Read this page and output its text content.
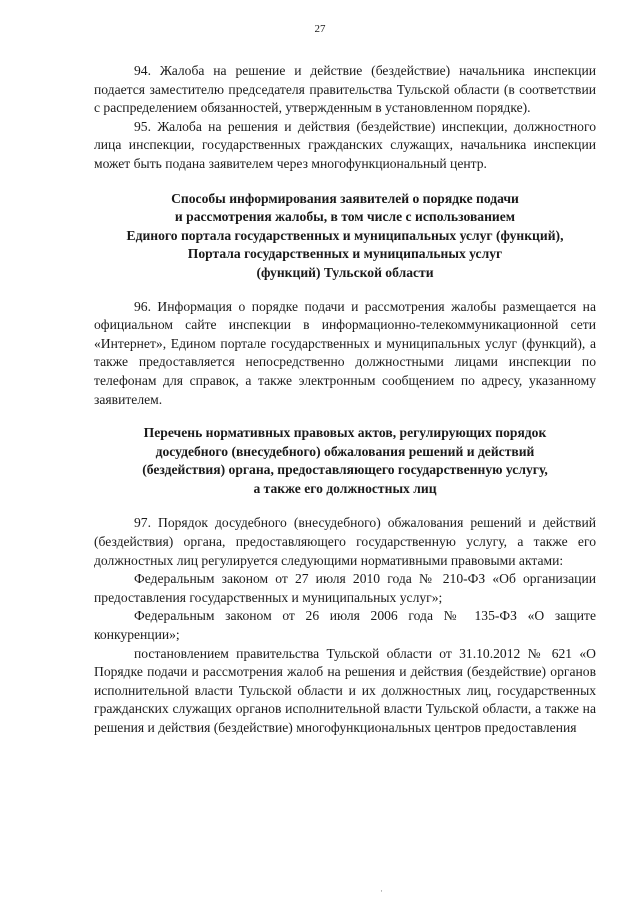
27

94. Жалоба на решение и действие (бездействие) начальника инспекции подается заместителю председателя правительства Тульской области (в соответствии с распределением обязанностей, утвержденным в установленном порядке).

95. Жалоба на решения и действия (бездействие) инспекции, должностного лица инспекции, государственных гражданских служащих, начальника инспекции может быть подана заявителем через многофункциональный центр.

Способы информирования заявителей о порядке подачи
и рассмотрения жалобы, в том числе с использованием
Единого портала государственных и муниципальных услуг (функций),
Портала государственных и муниципальных услуг
(функций) Тульской области

96. Информация о порядке подачи и рассмотрения жалобы размещается на официальном сайте инспекции в информационно-телекоммуникационной сети «Интернет», Едином портале государственных и муниципальных услуг (функций), а также предоставляется непосредственно должностными лицами инспекции по телефонам для справок, а также электронным сообщением по адресу, указанному заявителем.

Перечень нормативных правовых актов, регулирующих порядок
досудебного (внесудебного) обжалования решений и действий
(бездействия) органа, предоставляющего государственную услугу,
а также его должностных лиц

97. Порядок досудебного (внесудебного) обжалования решений и действий (бездействия) органа, предоставляющего государственную услугу, а также его должностных лиц регулируется следующими нормативными правовыми актами:

Федеральным законом от 27 июля 2010 года № 210-ФЗ «Об организации предоставления государственных и муниципальных услуг»;

Федеральным законом от 26 июля 2006 года № 135-ФЗ «О защите конкуренции»;

постановлением правительства Тульской области от 31.10.2012 № 621 «О Порядке подачи и рассмотрения жалоб на решения и действия (бездействие) органов исполнительной власти Тульской области и их должностных лиц, государственных гражданских служащих органов исполнительной власти Тульской области, а также на решения и действия (бездействие) многофункциональных центров предоставления

·
